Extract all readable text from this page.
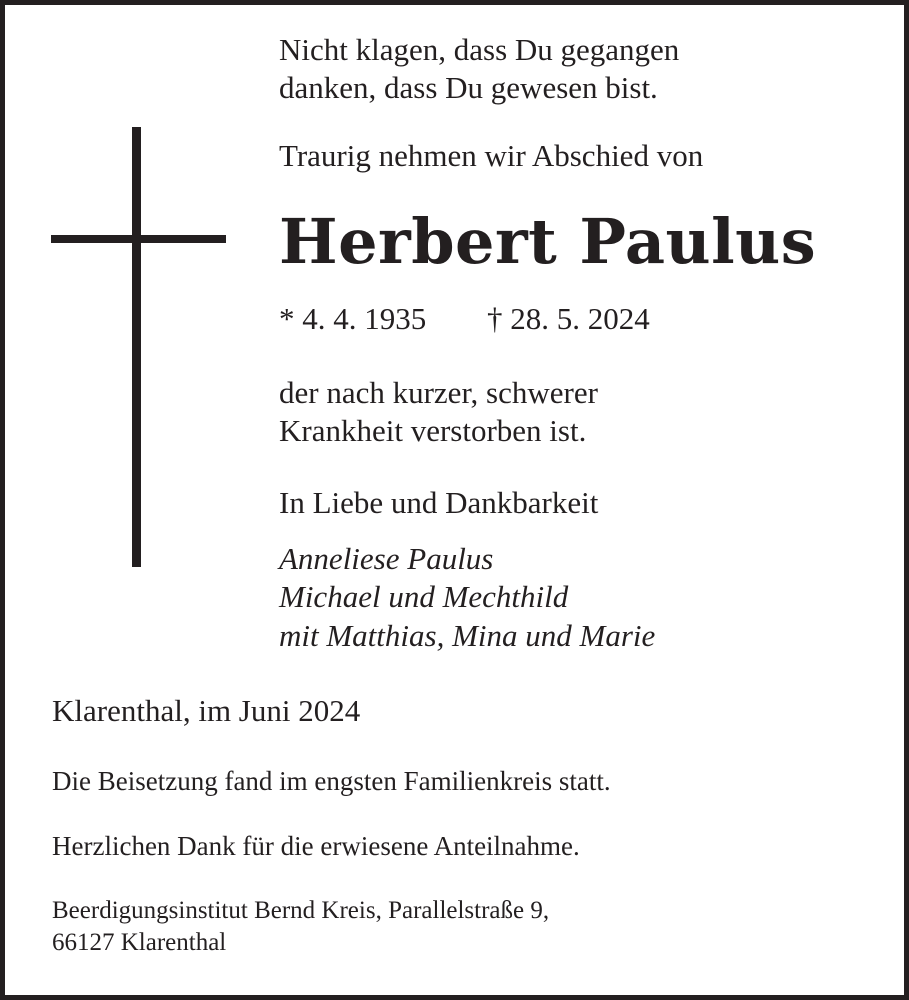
Nicht klagen, dass Du gegangen
danken, dass Du gewesen bist.
Traurig nehmen wir Abschied von
Herbert Paulus
* 4. 4. 1935 † 28. 5. 2024
der nach kurzer, schwerer
Krankheit verstorben ist.
In Liebe und Dankbarkeit
Anneliese Paulus
Michael und Mechthild
mit Matthias, Mina und Marie
Klarenthal, im Juni 2024
Die Beisetzung fand im engsten Familienkreis statt.
Herzlichen Dank für die erwiesene Anteilnahme.
Beerdigungsinstitut Bernd Kreis, Parallelstraße 9,
66127 Klarenthal
